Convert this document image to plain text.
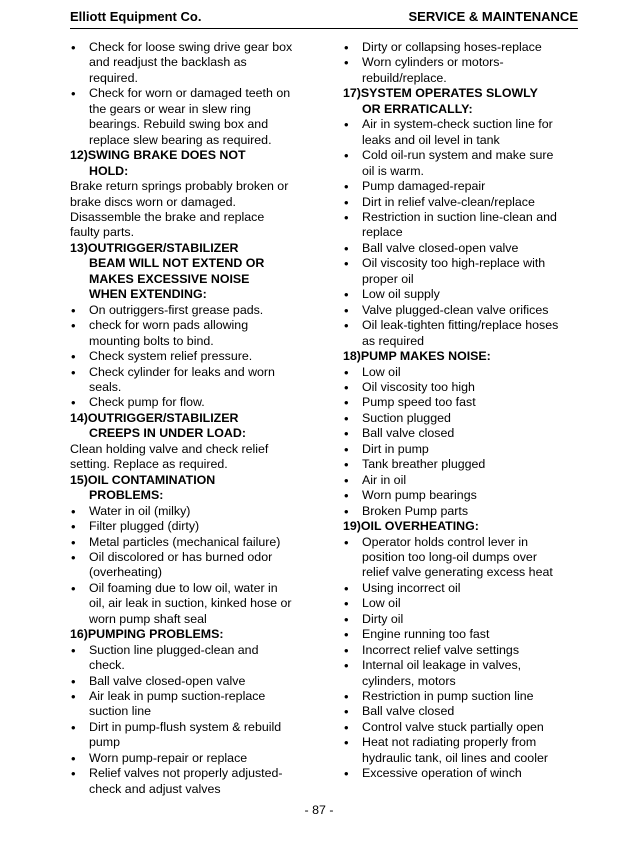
Elliott Equipment Co.	SERVICE & MAINTENANCE
• Check for loose swing drive gear box
and readjust the backlash as
required.
• Check for worn or damaged teeth on
the gears or wear in slew ring
bearings. Rebuild swing box and
replace slew bearing as required.
12)SWING BRAKE DOES NOT
HOLD:
Brake return springs probably broken or
brake discs worn or damaged.
Disassemble the brake and replace
faulty parts.
13)OUTRIGGER/STABILIZER
BEAM WILL NOT EXTEND OR
MAKES EXCESSIVE NOISE
WHEN EXTENDING:
• On outriggers-first grease pads.
• check for worn pads allowing
mounting bolts to bind.
• Check system relief pressure.
• Check cylinder for leaks and worn
seals.
• Check pump for flow.
14)OUTRIGGER/STABILIZER
CREEPS IN UNDER LOAD:
Clean holding valve and check relief
setting. Replace as required.
15)OIL CONTAMINATION
PROBLEMS:
• Water in oil (milky)
• Filter plugged (dirty)
• Metal particles (mechanical failure)
• Oil discolored or has burned odor
(overheating)
• Oil foaming due to low oil, water in
oil, air leak in suction, kinked hose or
worn pump shaft seal
16)PUMPING PROBLEMS:
• Suction line plugged-clean and
check.
• Ball valve closed-open valve
• Air leak in pump suction-replace
suction line
• Dirt in pump-flush system & rebuild
pump
• Worn pump-repair or replace
• Relief valves not properly adjusted-
check and adjust valves
• Dirty or collapsing hoses-replace
• Worn cylinders or motors-
rebuild/replace.
17)SYSTEM OPERATES SLOWLY
OR ERRATICALLY:
• Air in system-check suction line for
leaks and oil level in tank
• Cold oil-run system and make sure
oil is warm.
• Pump damaged-repair
• Dirt in relief valve-clean/replace
• Restriction in suction line-clean and
replace
• Ball valve closed-open valve
• Oil viscosity too high-replace with
proper oil
• Low oil supply
• Valve plugged-clean valve orifices
• Oil leak-tighten fitting/replace hoses
as required
18)PUMP MAKES NOISE:
• Low oil
• Oil viscosity too high
• Pump speed too fast
• Suction plugged
• Ball valve closed
• Dirt in pump
• Tank breather plugged
• Air in oil
• Worn pump bearings
• Broken Pump parts
19)OIL OVERHEATING:
• Operator holds control lever in
position too long-oil dumps over
relief valve generating excess heat
• Using incorrect oil
• Low oil
• Dirty oil
• Engine running too fast
• Incorrect relief valve settings
• Internal oil leakage in valves,
cylinders, motors
• Restriction in pump suction line
• Ball valve closed
• Control valve stuck partially open
• Heat not radiating properly from
hydraulic tank, oil lines and cooler
• Excessive operation of winch
- 87 -
